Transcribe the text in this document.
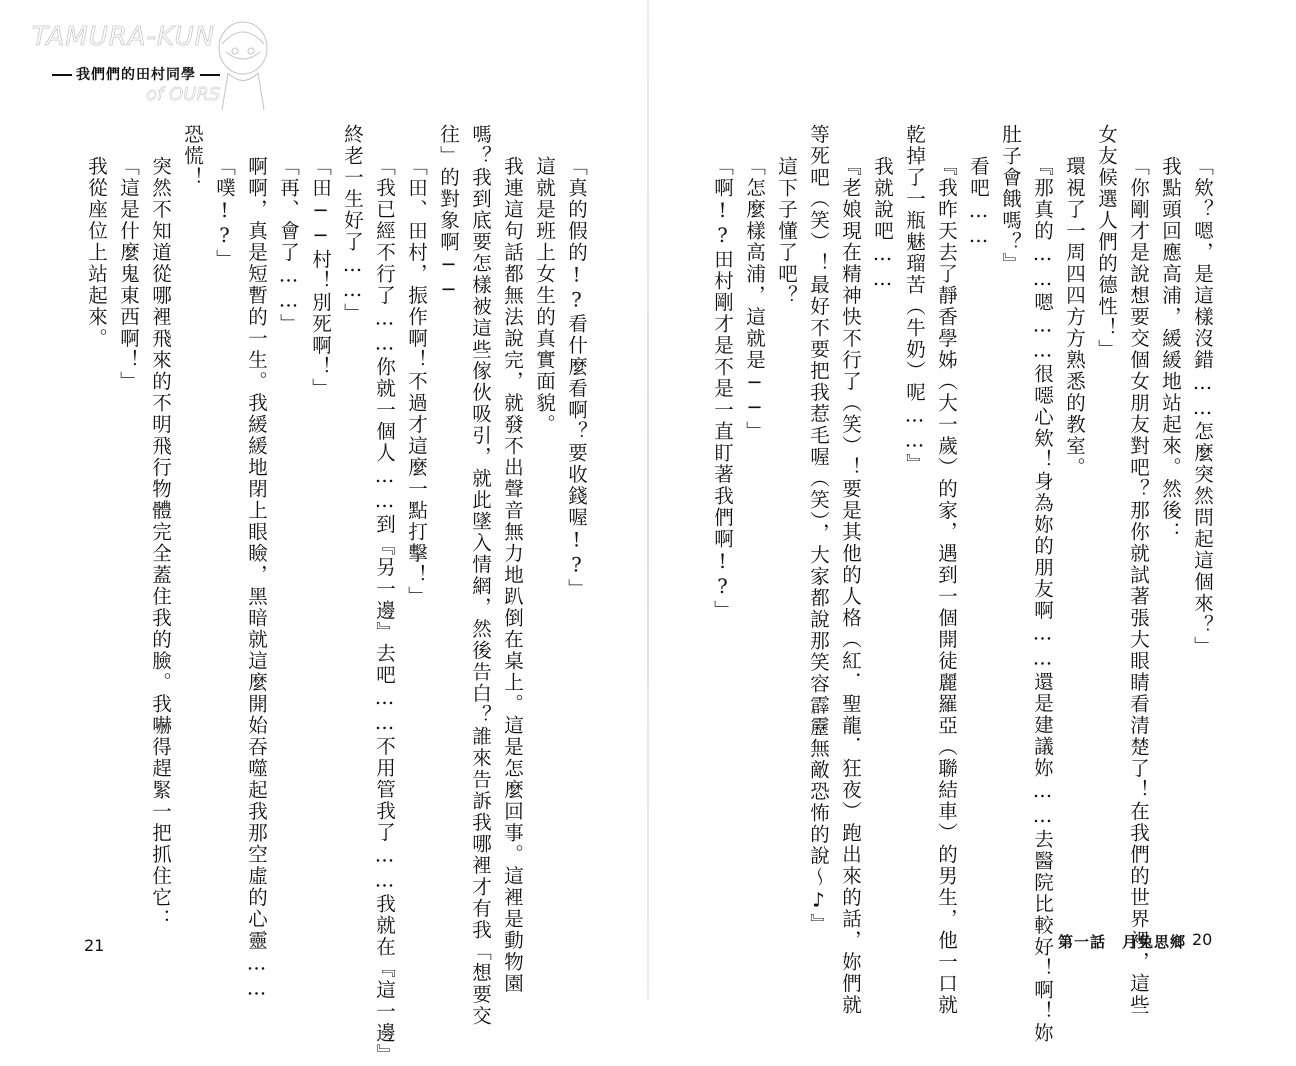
TAMURA-KUN
of OURS
我們們的田村同學
「欸？嗯，是這樣沒錯……怎麼突然問起這個來？」
我點頭回應高浦，緩緩地站起來。然後：
「你剛才是說想要交個女朋友對吧？那你就試著張大眼睛看清楚了！在我們的世界裡，這些
女友候選人們的德性！」
環視了一周四四方方熟悉的教室。
『那真的……嗯……很噁心欸！身為妳的朋友啊……還是建議妳……去醫院比較好！啊！妳
肚子會餓嗎？』
看吧……
『我昨天去了靜香學姊（大一歲）的家，遇到一個開徒麗羅亞（聯結車）的男生，他一口就
乾掉了一瓶魅瑠苦（牛奶）呢……』
我就說吧……
『老娘現在精神快不行了（笑）！要是其他的人格（紅．聖龍．狂夜）跑出來的話，妳們就
等死吧（笑）！最好不要把我惹毛喔（笑），大家都說那笑容霹靂無敵恐怖的說～♪』
這下子懂了吧？
「怎麼樣高浦，這就是──」
「啊!?田村剛才是不是一直盯著我們啊!?」
第一話　月兔思鄉 20
「真的假的!?看什麼看啊？要收錢喔!?」
這就是班上女生的真實面貌。
我連這句話都無法說完，就發不出聲音無力地趴倒在桌上。這是怎麼回事。這裡是動物園
嗎？我到底要怎樣被這些傢伙吸引，就此墜入情網，然後告白？誰來告訴我哪裡才有我「想要交
往」的對象啊──
「田、田村，振作啊！不過才這麼一點打擊！」
「我已經不行了……你就一個人……到『另一邊』去吧……不用管我了……我就在『這一邊』
終老一生好了……」
「田──村！別死啊！」
「再、會了……」
啊啊，真是短暫的一生。我緩緩地閉上眼瞼，黑暗就這麼開始吞噬起我那空虛的心靈……
「噗!?」
恐慌！
突然不知道從哪裡飛來的不明飛行物體完全蓋住我的臉。我嚇得趕緊一把抓住它：
「這是什麼鬼東西啊！」
我從座位上站起來。
21
